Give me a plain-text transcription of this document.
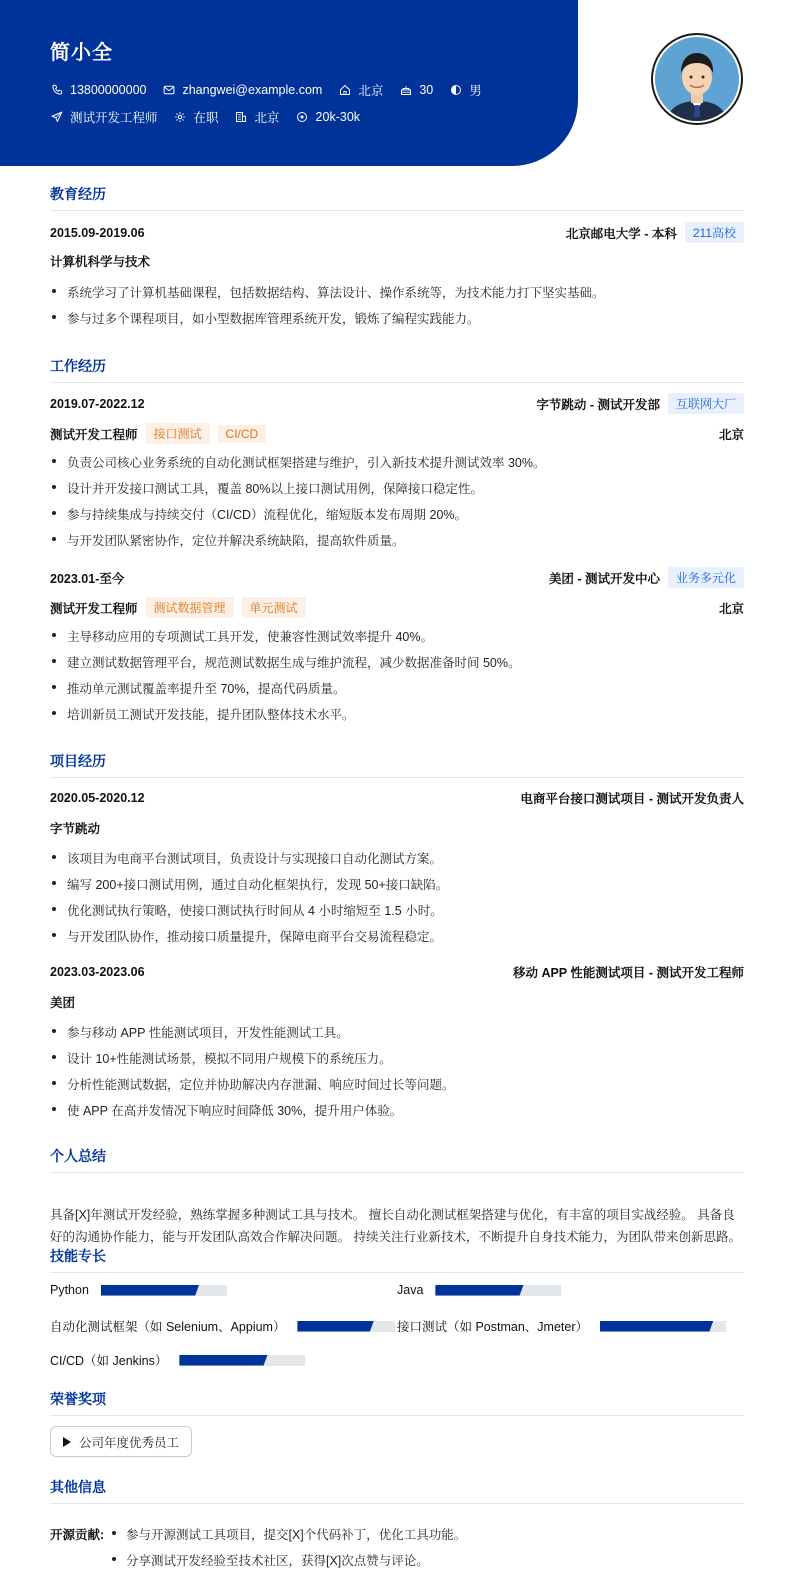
简小全
13800000000	zhangwei@example.com	北京	30	男
测试开发工程师	在职	北京	20k-30k
教育经历
2015.09-2019.06	北京邮电大学 - 本科	211高校
计算机科学与技术
系统学习了计算机基础课程，包括数据结构、算法设计、操作系统等，为技术能力打下坚实基础。
参与过多个课程项目，如小型数据库管理系统开发，锻炼了编程实践能力。
工作经历
2019.07-2022.12	字节跳动 - 测试开发部	互联网大厂
测试开发工程师	接口测试	CI/CD	北京
负责公司核心业务系统的自动化测试框架搭建与维护，引入新技术提升测试效率 30%。
设计并开发接口测试工具，覆盖 80%以上接口测试用例，保障接口稳定性。
参与持续集成与持续交付（CI/CD）流程优化，缩短版本发布周期 20%。
与开发团队紧密协作，定位并解决系统缺陷，提高软件质量。
2023.01-至今	美团 - 测试开发中心	业务多元化
测试开发工程师	测试数据管理	单元测试	北京
主导移动应用的专项测试工具开发，使兼容性测试效率提升 40%。
建立测试数据管理平台，规范测试数据生成与维护流程，减少数据准备时间 50%。
推动单元测试覆盖率提升至 70%，提高代码质量。
培训新员工测试开发技能，提升团队整体技术水平。
项目经历
2020.05-2020.12	电商平台接口测试项目 - 测试开发负责人
字节跳动
该项目为电商平台测试项目，负责设计与实现接口自动化测试方案。
编写 200+接口测试用例，通过自动化框架执行，发现 50+接口缺陷。
优化测试执行策略，使接口测试执行时间从 4 小时缩短至 1.5 小时。
与开发团队协作，推动接口质量提升，保障电商平台交易流程稳定。
2023.03-2023.06	移动 APP 性能测试项目 - 测试开发工程师
美团
参与移动 APP 性能测试项目，开发性能测试工具。
设计 10+性能测试场景，模拟不同用户规模下的系统压力。
分析性能测试数据，定位并协助解决内存泄漏、响应时间过长等问题。
使 APP 在高并发情况下响应时间降低 30%，提升用户体验。
个人总结
具备[X]年测试开发经验，熟练掌握多种测试工具与技术。 擅长自动化测试框架搭建与优化，有丰富的项目实战经验。 具备良好的沟通协作能力，能与开发团队高效合作解决问题。 持续关注行业新技术，不断提升自身技术能力，为团队带来创新思路。
技能专长
Python	Java
自动化测试框架（如 Selenium、Appium）	接口测试（如 Postman、Jmeter）
CI/CD（如 Jenkins）
荣誉奖项
公司年度优秀员工
其他信息
开源贡献:	参与开源测试工具项目，提交[X]个代码补丁，优化工具功能。
分享测试开发经验至技术社区，获得[X]次点赞与评论。
